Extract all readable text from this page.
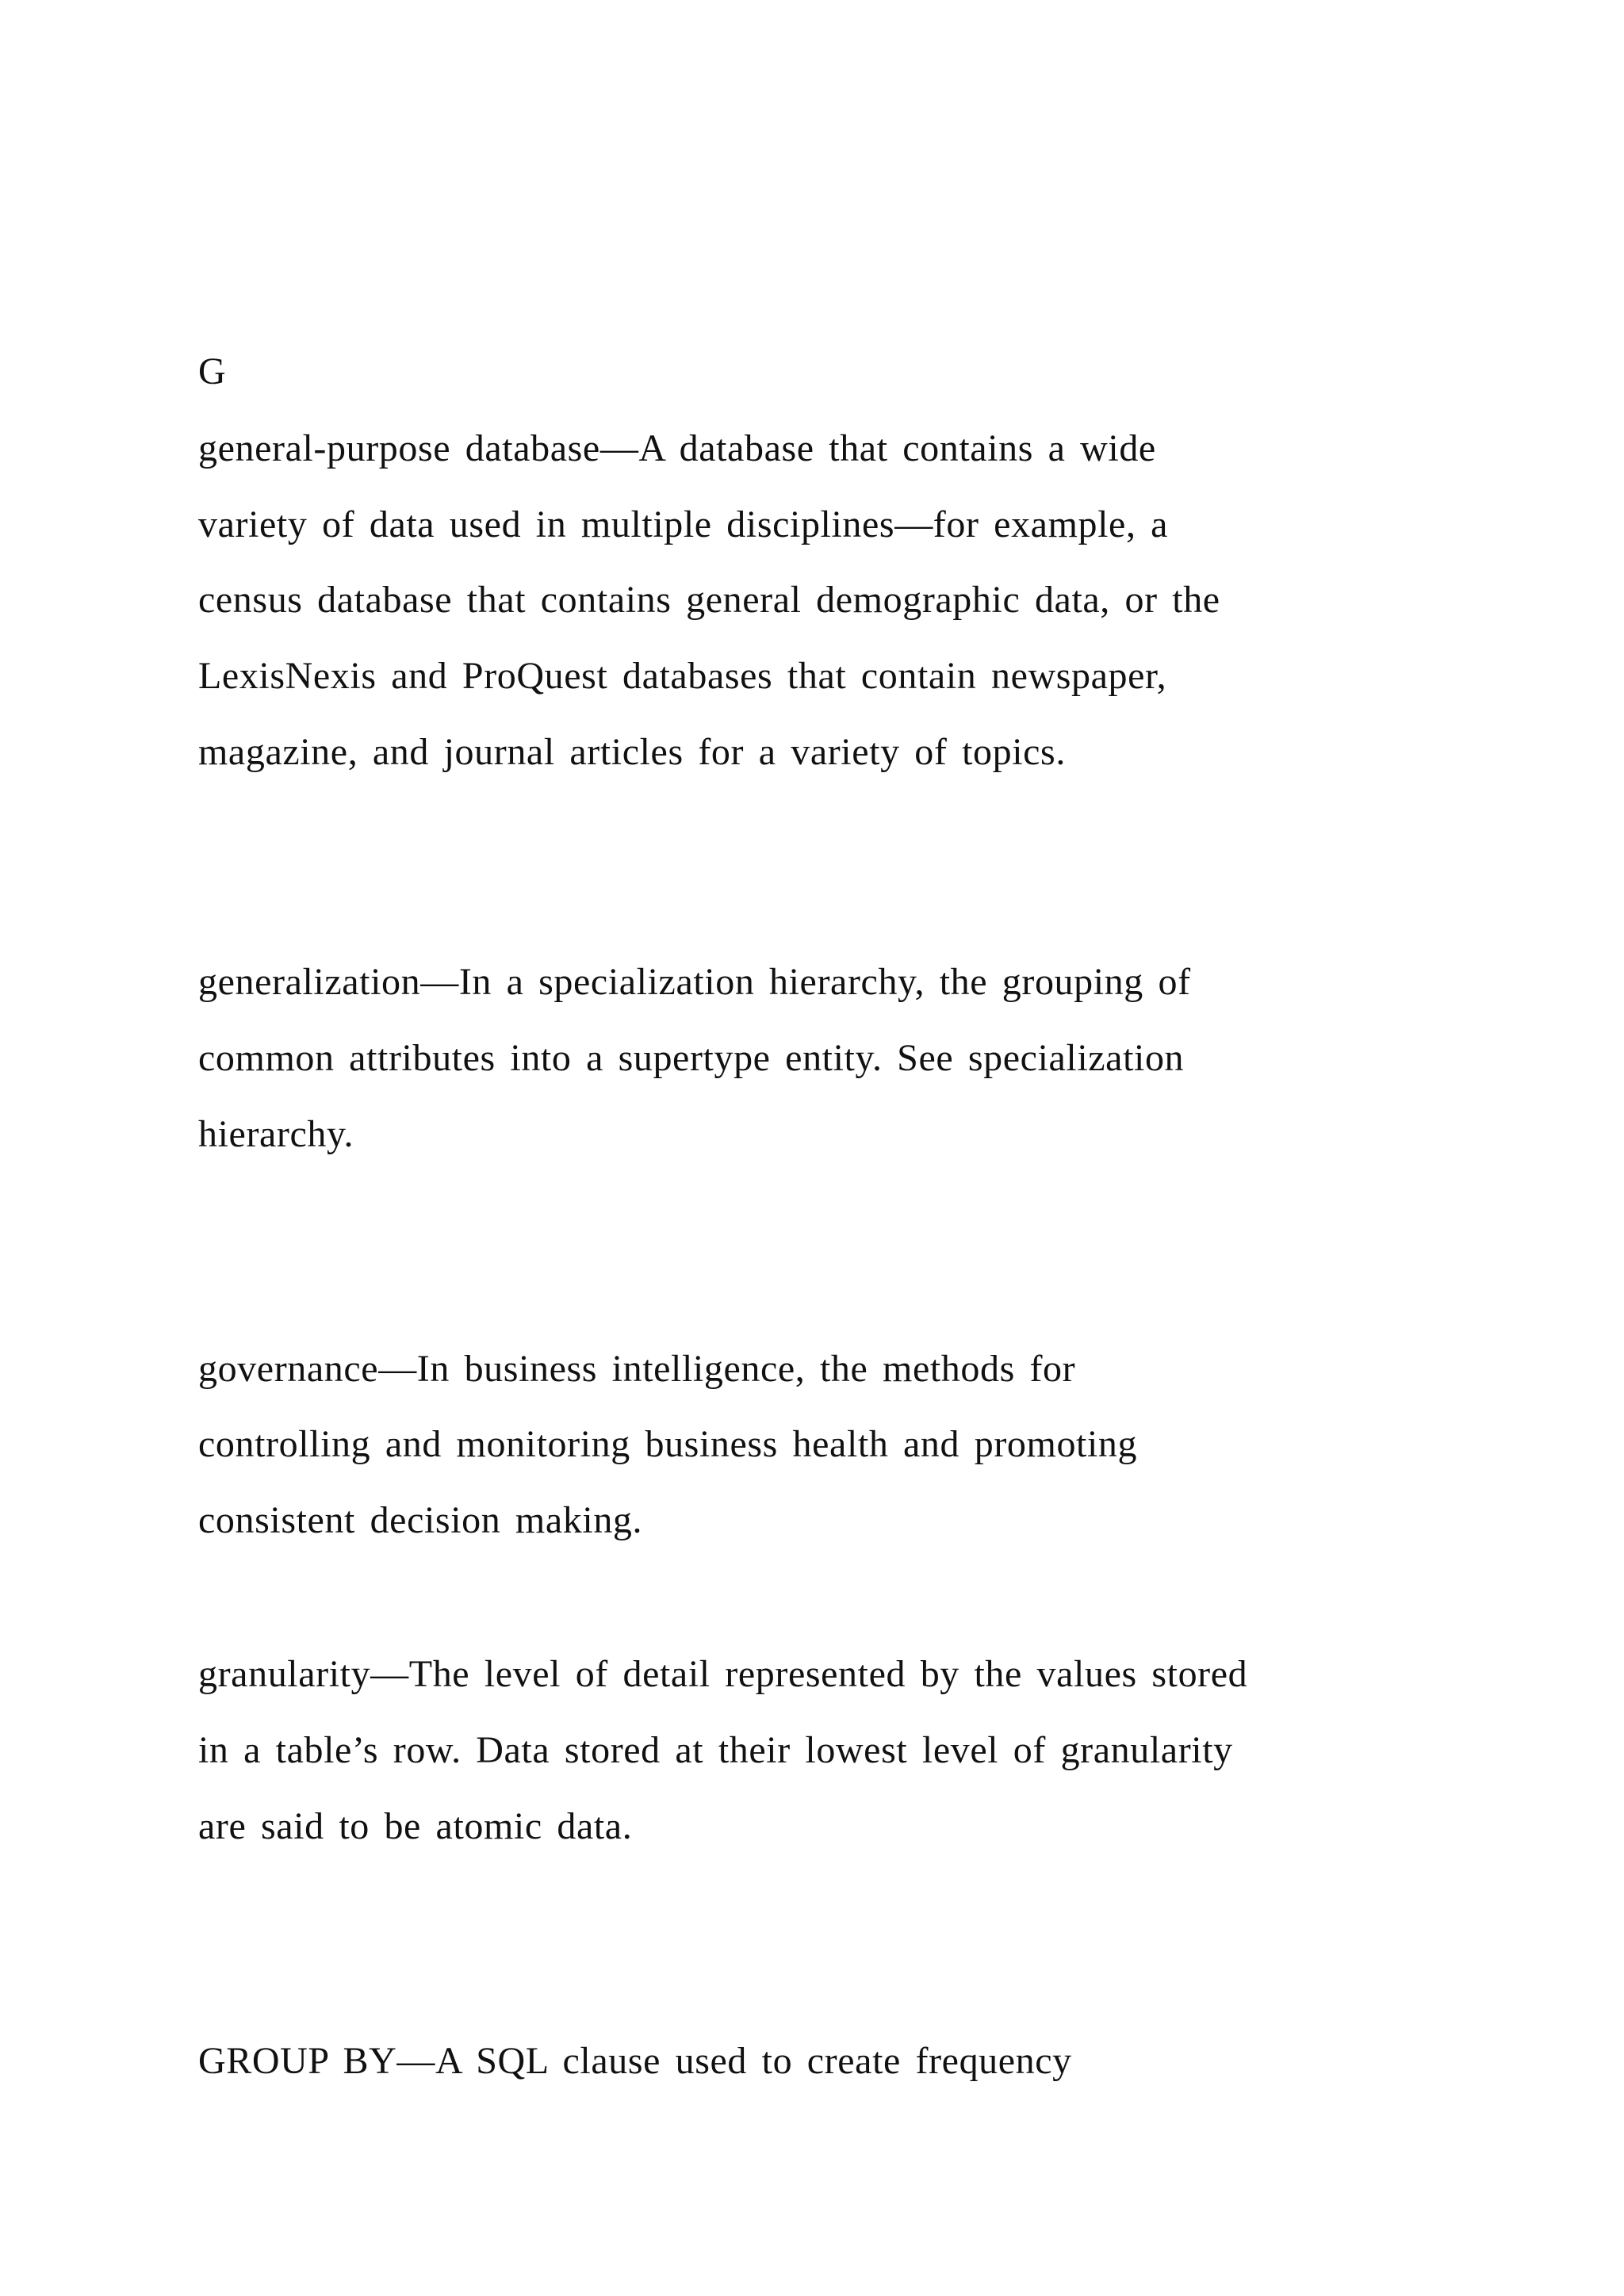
G
general-purpose database—A database that contains a wide
variety of data used in multiple disciplines—for example, a
census database that contains general demographic data, or the
LexisNexis and ProQuest databases that contain newspaper,
magazine, and journal articles for a variety of topics.
generalization—In a specialization hierarchy, the grouping of
common attributes into a supertype entity. See specialization
hierarchy.
governance—In business intelligence, the methods for
controlling and monitoring business health and promoting
consistent decision making.
granularity—The level of detail represented by the values stored
in a table’s row. Data stored at their lowest level of granularity
are said to be atomic data.
GROUP BY—A SQL clause used to create frequency
